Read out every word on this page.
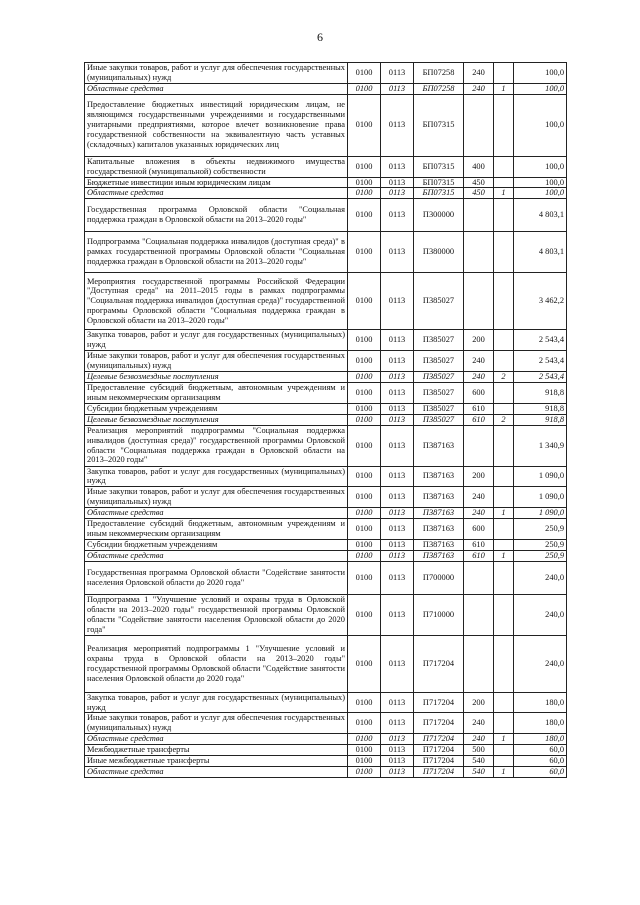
6
Иные закупки товаров, работ и услуг для обеспечения государственных (муниципальных) нужд	0100	0113	БП07258	240		100,0
Областные средства	0100	0113	БП07258	240	1	100,0
Предоставление бюджетных инвестиций юридическим лицам, не являющимся государственными учреждениями и государственными унитарными предприятиями, которое влечет возникновение права государственной собственности на эквивалентную часть уставных (складочных) капиталов указанных юридических лиц	0100	0113	БП07315			100,0
Капитальные вложения в объекты недвижимого имущества государственной (муниципальной) собственности	0100	0113	БП07315	400		100,0
Бюджетные инвестиции иным юридическим лицам	0100	0113	БП07315	450		100,0
Областные средства	0100	0113	БП07315	450	1	100,0
Государственная программа Орловской области "Социальная поддержка граждан в Орловской области на 2013–2020 годы"	0100	0113	П300000			4 803,1
Подпрограмма "Социальная поддержка инвалидов (доступная среда)" в рамках государственной программы Орловской области "Социальная поддержка граждан в Орловской области на 2013–2020 годы"	0100	0113	П380000			4 803,1
Мероприятия государственной программы Российской Федерации "Доступная среда" на 2011–2015 годы в рамках подпрограммы "Социальная поддержка инвалидов (доступная среда)" государственной программы Орловской области "Социальная поддержка граждан в Орловской области на 2013–2020 годы"	0100	0113	П385027			3 462,2
Закупка товаров, работ и услуг для государственных (муниципальных) нужд	0100	0113	П385027	200		2 543,4
Иные закупки товаров, работ и услуг для обеспечения государственных (муниципальных) нужд	0100	0113	П385027	240		2 543,4
Целевые безвозмездные поступления	0100	0113	П385027	240	2	2 543,4
Предоставление субсидий бюджетным, автономным учреждениям и иным некоммерческим организациям	0100	0113	П385027	600		918,8
Субсидии бюджетным учреждениям	0100	0113	П385027	610		918,8
Целевые безвозмездные поступления	0100	0113	П385027	610	2	918,8
Реализация мероприятий подпрограммы "Социальная поддержка инвалидов (доступная среда)" государственной программы Орловской области "Социальная поддержка граждан в Орловской области на 2013–2020 годы"	0100	0113	П387163			1 340,9
Закупка товаров, работ и услуг для государственных (муниципальных) нужд	0100	0113	П387163	200		1 090,0
Иные закупки товаров, работ и услуг для обеспечения государственных (муниципальных) нужд	0100	0113	П387163	240		1 090,0
Областные средства	0100	0113	П387163	240	1	1 090,0
Предоставление субсидий бюджетным, автономным учреждениям и иным некоммерческим организациям	0100	0113	П387163	600		250,9
Субсидии бюджетным учреждениям	0100	0113	П387163	610		250,9
Областные средства	0100	0113	П387163	610	1	250,9
Государственная программа Орловской области "Содействие занятости населения Орловской области до 2020 года"	0100	0113	П700000			240,0
Подпрограмма 1 "Улучшение условий и охраны труда в Орловской области на 2013–2020 годы" государственной программы Орловской области "Содействие занятости населения Орловской области до 2020 года"	0100	0113	П710000			240,0
Реализация мероприятий подпрограммы 1 "Улучшение условий и охраны труда в Орловской области на 2013–2020 годы" государственной программы Орловской области "Содействие занятости населения Орловской области до 2020 года"	0100	0113	П717204			240,0
Закупка товаров, работ и услуг для государственных (муниципальных) нужд	0100	0113	П717204	200		180,0
Иные закупки товаров, работ и услуг для обеспечения государственных (муниципальных) нужд	0100	0113	П717204	240		180,0
Областные средства	0100	0113	П717204	240	1	180,0
Межбюджетные трансферты	0100	0113	П717204	500		60,0
Иные межбюджетные трансферты	0100	0113	П717204	540		60,0
Областные средства	0100	0113	П717204	540	1	60,0
